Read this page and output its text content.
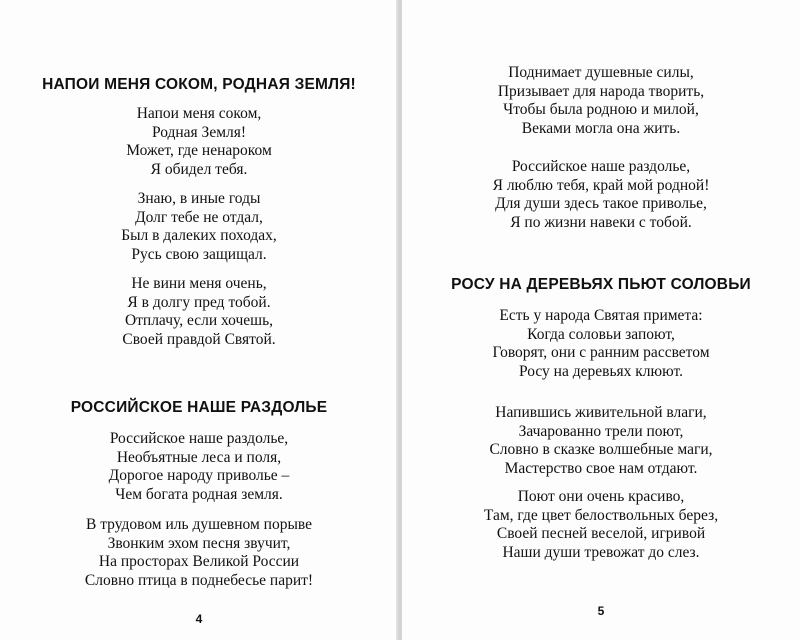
НАПОИ МЕНЯ СОКОМ, РОДНАЯ ЗЕМЛЯ!
Напои меня соком,
Родная Земля!
Может, где ненароком
Я обидел тебя.
Знаю, в иные годы
Долг тебе не отдал,
Был в далеких походах,
Русь свою защищал.
Не вини меня очень,
Я в долгу пред тобой.
Отплачу, если хочешь,
Своей правдой Святой.
РОССИЙСКОЕ НАШЕ РАЗДОЛЬЕ
Российское наше раздолье,
Необъятные леса и поля,
Дорогое народу приволье –
Чем богата родная земля.
В трудовом иль душевном порыве
Звонким эхом песня звучит,
На просторах Великой России
Словно птица в поднебесье парит!
4
Поднимает душевные силы,
Призывает для народа творить,
Чтобы была родною и милой,
Веками могла она жить.
Российское наше раздолье,
Я люблю тебя, край мой родной!
Для души здесь такое приволье,
Я по жизни навеки с тобой.
РОСУ НА ДЕРЕВЬЯХ ПЬЮТ СОЛОВЬИ
Есть у народа Святая примета:
Когда соловьи запоют,
Говорят, они с ранним рассветом
Росу на деревьях клюют.
Напившись живительной влаги,
Зачарованно трели поют,
Словно в сказке волшебные маги,
Мастерство свое нам отдают.
Поют они очень красиво,
Там, где цвет белоствольных берез,
Своей песней веселой, игривой
Наши души тревожат до слез.
5
